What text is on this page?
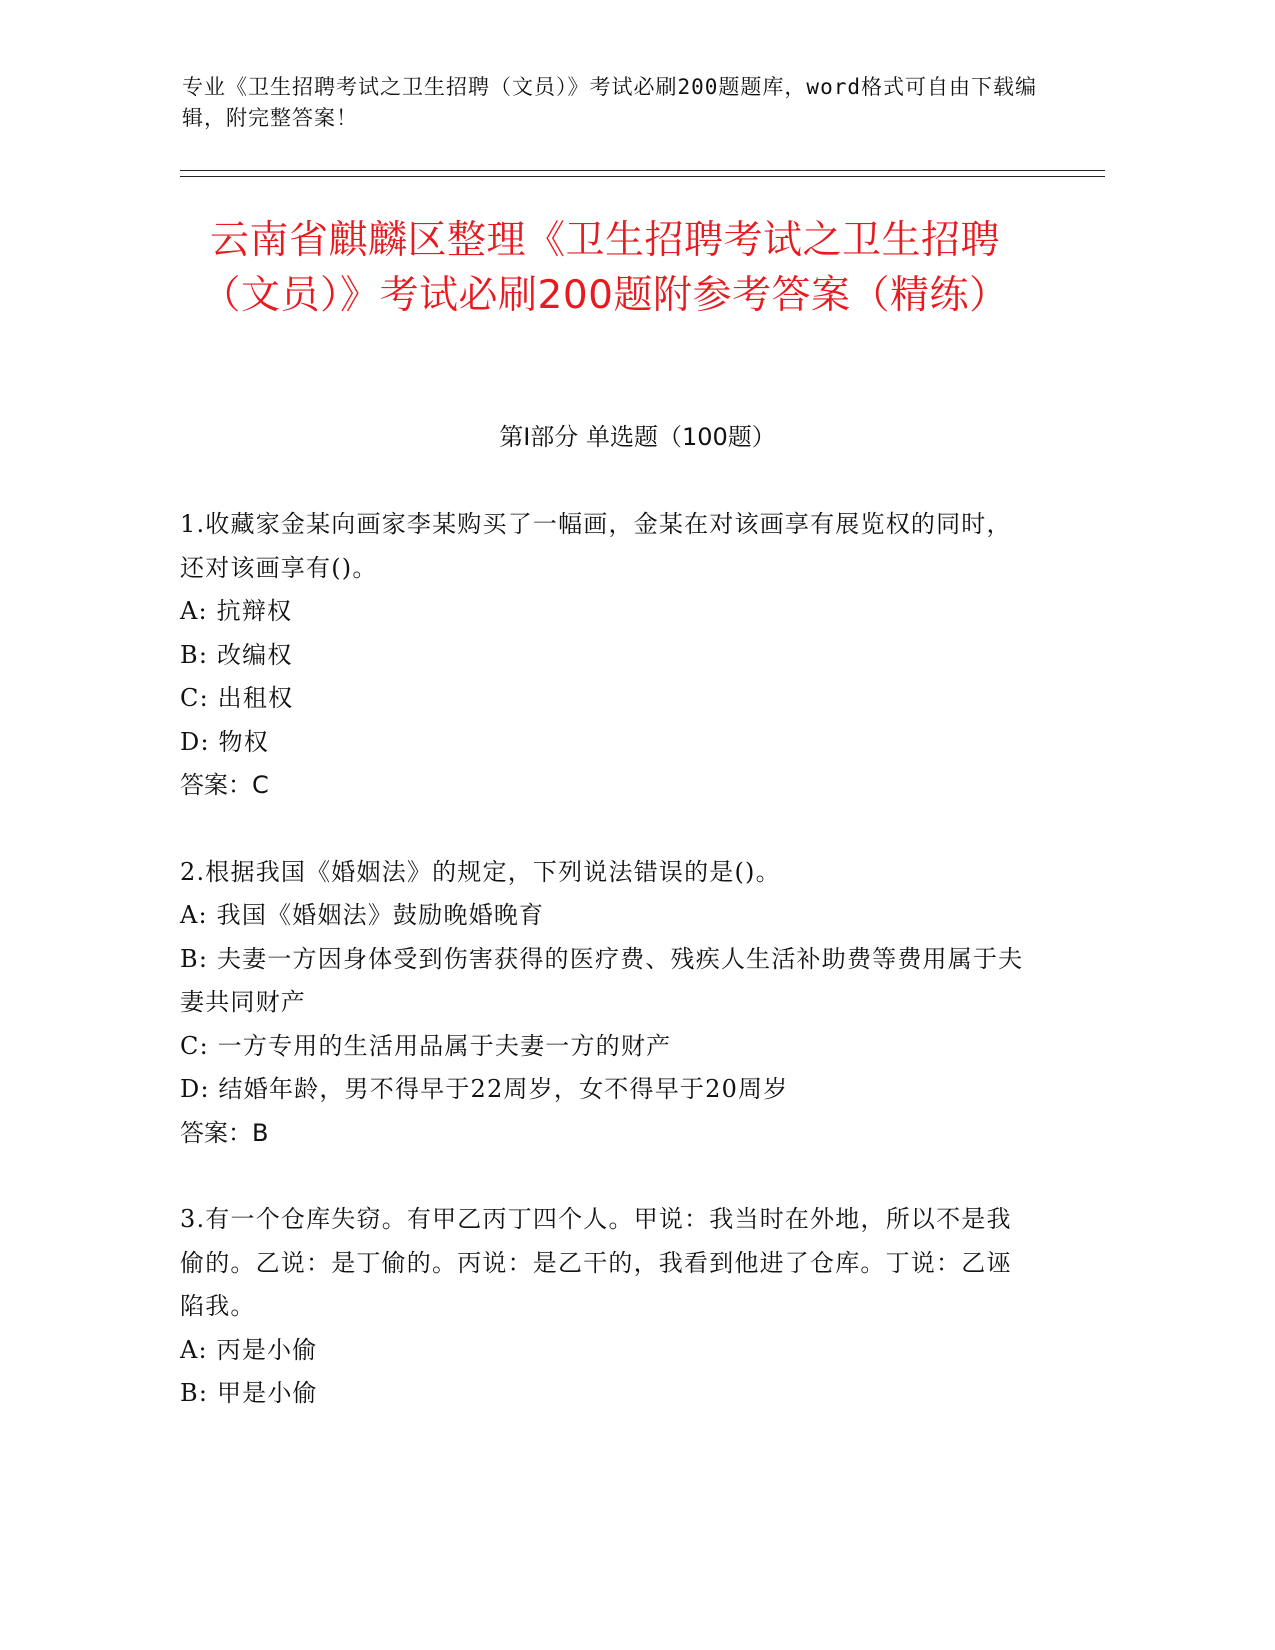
专业《卫生招聘考试之卫生招聘（文员）》考试必刷200题题库，word格式可自由下载编辑，附完整答案！
云南省麒麟区整理《卫生招聘考试之卫生招聘（文员）》考试必刷200题附参考答案（精练）
第Ⅰ部分 单选题（100题）
1.收藏家金某向画家李某购买了一幅画，金某在对该画享有展览权的同时，还对该画享有()。
A: 抗辩权
B: 改编权
C: 出租权
D: 物权
答案：C
2.根据我国《婚姻法》的规定，下列说法错误的是()。
A: 我国《婚姻法》鼓励晚婚晚育
B: 夫妻一方因身体受到伤害获得的医疗费、残疾人生活补助费等费用属于夫妻共同财产
C: 一方专用的生活用品属于夫妻一方的财产
D: 结婚年龄，男不得早于22周岁，女不得早于20周岁
答案：B
3.有一个仓库失窃。有甲乙丙丁四个人。甲说：我当时在外地，所以不是我偷的。乙说：是丁偷的。丙说：是乙干的，我看到他进了仓库。丁说：乙诬陷我。
A: 丙是小偷
B: 甲是小偷
